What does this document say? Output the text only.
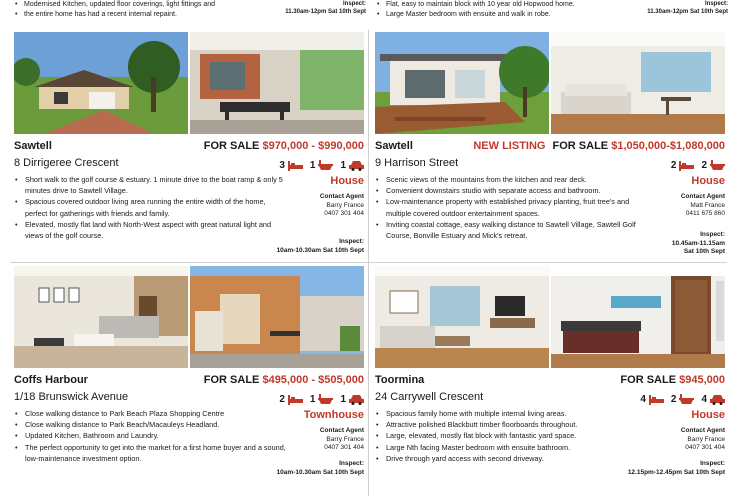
• Modernised Kitchen, updated floor coverings, light fittings and
• the entire home has had a recent internal repaint.
Inspect:
11.30am-12pm Sat 10th Sept
• Flat, easy to maintain block with 10 year old Hopwood home.
• Large Master bedroom with ensuite and walk in robe.
Inspect:
11.30am-12pm Sat 10th Sept
Sawtell	FOR SALE $970,000 - $990,000
8 Dirrigeree Crescent	3	1	1
House
• Short walk to the golf course & estuary. 1 minute drive to the boat ramp & only 5 minutes drive to Sawtell Village.
• Spacious covered outdoor living area running the entire width of the home, perfect for gatherings with friends and family.
• Elevated, mostly flat land with North-West aspect with great natural light and views of the golf course.
Contact Agent
Barry France
0407 301 404
Inspect:
10am-10.30am Sat 10th Sept
Sawtell	NEW LISTING FOR SALE $1,050,000-$1,080,000
9 Harrison Street	2	2
House
• Scenic views of the mountains from the kitchen and rear deck.
• Convenient downstairs studio with separate access and bathroom.
• Low-maintenance property with established privacy planting, fruit tree's and multiple covered outdoor entertainment spaces.
• Inviting coastal cottage, easy walking distance to Sawtell Village, Sawtell Golf Course, Bonville Estuary and Mick's retreat.
Contact Agent
Matt France
0411 675 860
Inspect:
10.45am-11.15am
Sat 10th Sept
Coffs Harbour	FOR SALE $495,000 - $505,000
1/18 Brunswick Avenue	2	1	1
Townhouse
• Close walking distance to Park Beach Plaza Shopping Centre
• Close walking distance to Park Beach/Macauleys Headland.
• Updated Kitchen, Bathroom and Laundry.
• The perfect opportunity to get into the market for a first home buyer and a sound, low-maintenance investment option.
Contact Agent
Barry France
0407 301 404
Inspect:
10am-10.30am Sat 10th Sept
Toormina	FOR SALE $945,000
24 Carrywell Crescent	4	2	4
House
• Spacious family home with multiple internal living areas.
• Attractive polished Blackbutt timber floorboards throughout.
• Large, elevated, mostly flat block with fantastic yard space.
• Large Nth facing Master bedroom with ensuite bathroom.
• Drive through yard access with second driveway.
Contact Agent
Barry France
0407 301 404
Inspect:
12.15pm-12.45pm Sat 10th Sept
